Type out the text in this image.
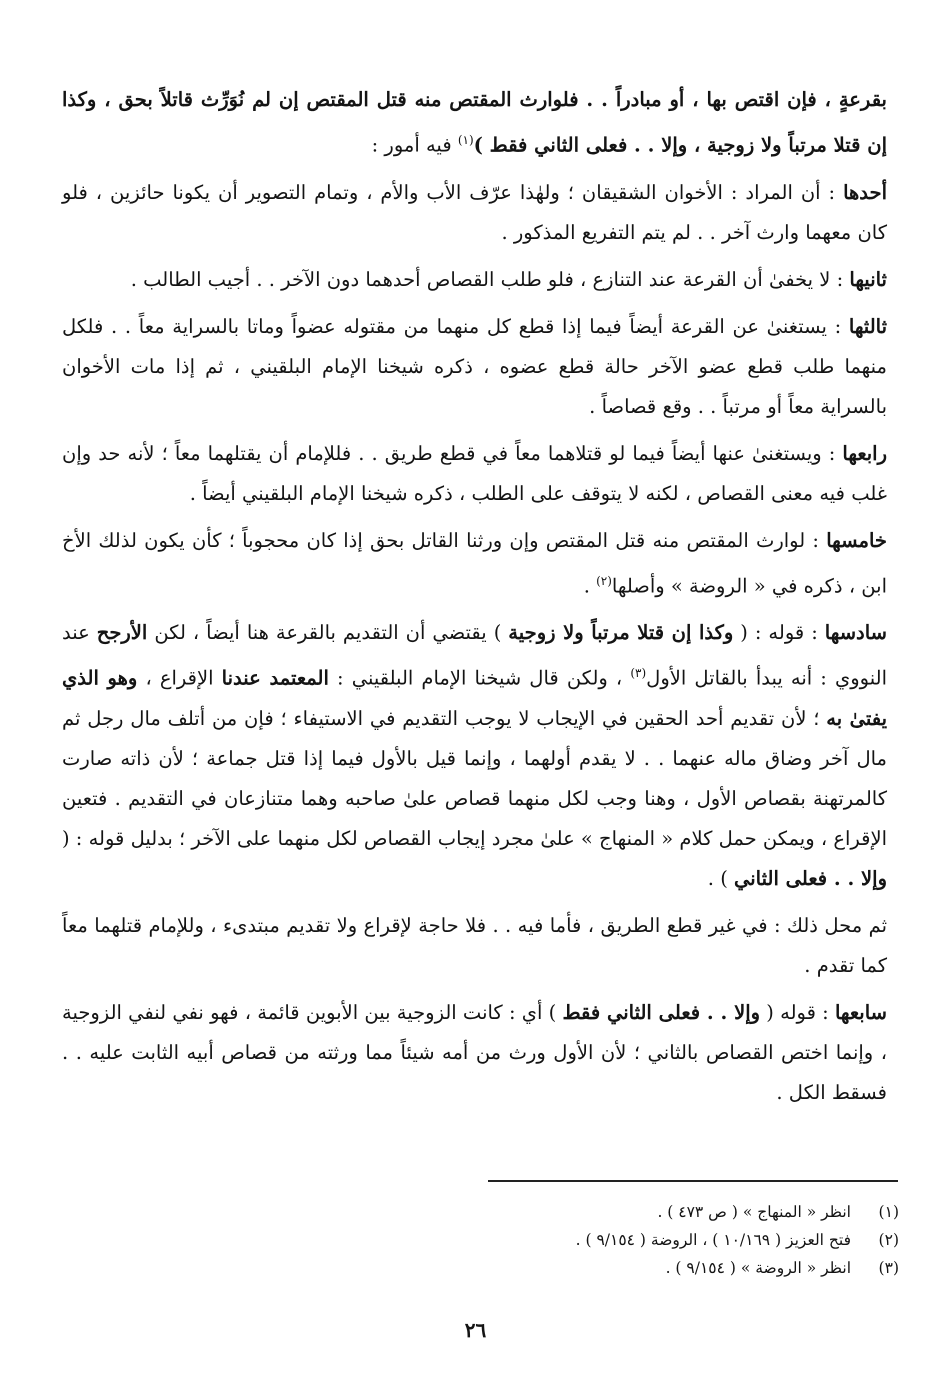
بقرعةٍ ، فإن اقتص بها ، أو مبادراً . . فلوارث المقتص منه قتل المقتص إن لم نُوَرِّث قاتلاً بحق ، وكذا إن قتلا مرتباً ولا زوجية ، وإلا . . فعلى الثاني فقط )$^{(١)}$ فيه أمور :

أحدها : أن المراد : الأخوان الشقيقان ؛ ولهٰذا عرّف الأب والأم ، وتمام التصوير أن يكونا حائزين ، فلو كان معهما وارث آخر . . لم يتم التفريع المذكور .

ثانيها : لا يخفىٰ أن القرعة عند التنازع ، فلو طلب القصاص أحدهما دون الآخر . . أجيب الطالب .

ثالثها : يستغنىٰ عن القرعة أيضاً فيما إذا قطع كل منهما من مقتوله عضواً وماتا بالسراية معاً . . فلكل منهما طلب قطع عضو الآخر حالة قطع عضوه ، ذكره شيخنا الإمام البلقيني ، ثم إذا مات الأخوان بالسراية معاً أو مرتباً . . وقع قصاصاً .

رابعها : ويستغنىٰ عنها أيضاً فيما لو قتلاهما معاً في قطع طريق . . فللإمام أن يقتلهما معاً ؛ لأنه حد وإن غلب فيه معنى القصاص ، لكنه لا يتوقف على الطلب ، ذكره شيخنا الإمام البلقيني أيضاً .

خامسها : لوارث المقتص منه قتل المقتص وإن ورثنا القاتل بحق إذا كان محجوباً ؛ كأن يكون لذلك الأخ ابن ، ذكره في « الروضة » وأصلها$^{(٢)}$ .

سادسها : قوله : ( وكذا إن قتلا مرتباً ولا زوجية ) يقتضي أن التقديم بالقرعة هنا أيضاً ، لكن الأرجح عند النووي : أنه يبدأ بالقاتل الأول$^{(٣)}$ ، ولكن قال شيخنا الإمام البلقيني : المعتمد عندنا الإقراع ، وهو الذي يفتىٰ به ؛ لأن تقديم أحد الحقين في الإيجاب لا يوجب التقديم في الاستيفاء ؛ فإن من أتلف مال رجل ثم مال آخر وضاق ماله عنهما . . لا يقدم أولهما ، وإنما قيل بالأول فيما إذا قتل جماعة ؛ لأن ذاته صارت كالمرتهنة بقصاص الأول ، وهنا وجب لكل منهما قصاص علىٰ صاحبه وهما متنازعان في التقديم . فتعين الإقراع ، ويمكن حمل كلام « المنهاج » علىٰ مجرد إيجاب القصاص لكل منهما على الآخر ؛ بدليل قوله : ( وإلا . . فعلى الثاني ) .

ثم محل ذلك : في غير قطع الطريق ، فأما فيه . . فلا حاجة لإقراع ولا تقديم مبتدىء ، وللإمام قتلهما معاً كما تقدم .

سابعها : قوله ( وإلا . . فعلى الثاني فقط ) أي : كانت الزوجية بين الأبوين قائمة ، فهو نفي لنفي الزوجية ، وإنما اختص القصاص بالثاني ؛ لأن الأول ورث من أمه شيئاً مما ورثته من قصاص أبيه الثابت عليه . . فسقط الكل .

(١)انظر « المنهاج » ( ص ٤٧٣ ) .
(٢)فتح العزيز ( ١٠/١٦٩ ) ، الروضة ( ٩/١٥٤ ) .
(٣)انظر « الروضة » ( ٩/١٥٤ ) .
٢٦
